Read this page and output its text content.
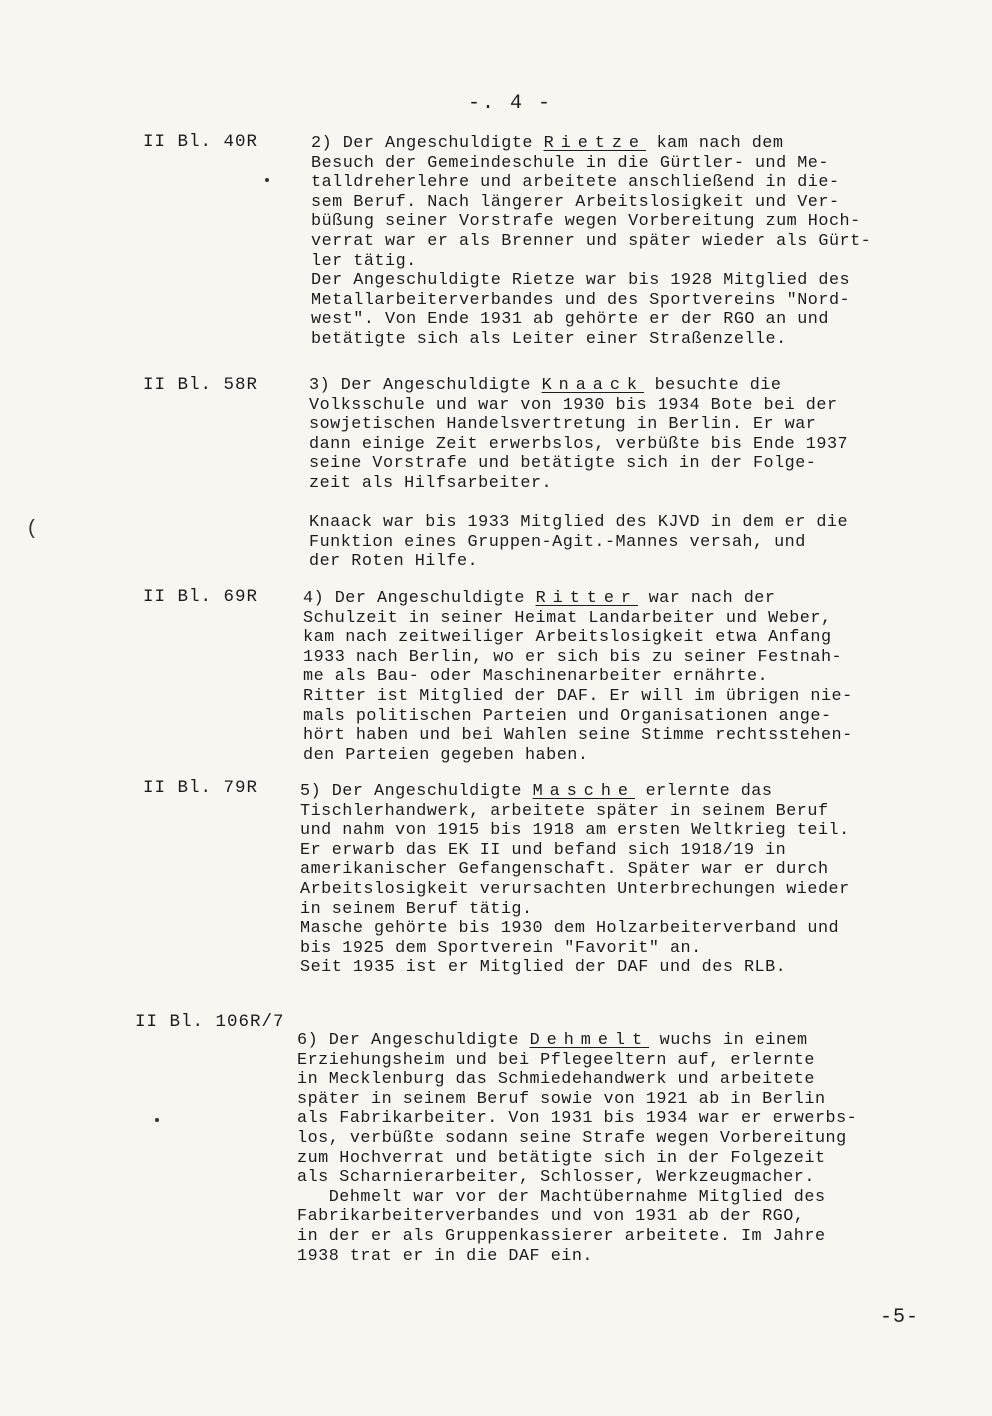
-. 4 -
II Bl. 40R	2) Der Angeschuldigte Rietze kam nach dem
Besuch der Gemeindeschule in die Gürtler- und Me-
talldreherlehre und arbeitete anschließend in die-
sem Beruf. Nach längerer Arbeitslosigkeit und Ver-
büßung seiner Vorstrafe wegen Vorbereitung zum Hoch-
verrat war er als Brenner und später wieder als Gürt-
ler tätig.
Der Angeschuldigte Rietze war bis 1928 Mitglied des
Metallarbeiterverbandes und des Sportvereins "Nord-
west". Von Ende 1931 ab gehörte er der RGO an und
betätigte sich als Leiter einer Straßenzelle.
II Bl. 58R	3) Der Angeschuldigte Knaack besuchte die
Volksschule und war von 1930 bis 1934 Bote bei der
sowjetischen Handelsvertretung in Berlin. Er war
dann einige Zeit erwerbslos, verbüßte bis Ende 1937
seine Vorstrafe und betätigte sich in der Folge-
zeit als Hilfsarbeiter.
Knaack war bis 1933 Mitglied des KJVD in dem er die
Funktion eines Gruppen-Agit.-Mannes versah, und
der Roten Hilfe.
II Bl. 69R	4) Der Angeschuldigte Ritter war nach der
Schulzeit in seiner Heimat Landarbeiter und Weber,
kam nach zeitweiliger Arbeitslosigkeit etwa Anfang
1933 nach Berlin, wo er sich bis zu seiner Festnah-
me als Bau- oder Maschinenarbeiter ernährte.
Ritter ist Mitglied der DAF. Er will im übrigen nie-
mals politischen Parteien und Organisationen ange-
hört haben und bei Wahlen seine Stimme rechtsstehen-
den Parteien gegeben haben.
II Bl. 79R 5) Der Angeschuldigte Masche erlernte das
Tischlerhandwerk, arbeitete später in seinem Beruf
und nahm von 1915 bis 1918 am ersten Weltkrieg teil.
Er erwarb das EK II und befand sich 1918/19 in
amerikanischer Gefangenschaft. Später war er durch
Arbeitslosigkeit verursachten Unterbrechungen wieder
in seinem Beruf tätig.
Masche gehörte bis 1930 dem Holzarbeiterverband und
bis 1925 dem Sportverein "Favorit" an.
Seit 1935 ist er Mitglied der DAF und des RLB.
II Bl. 106R/7
6) Der Angeschuldigte Dehmelt wuchs in einem
Erziehungsheim und bei Pflegeeltern auf, erlernte
in Mecklenburg das Schmiedehandwerk und arbeitete
später in seinem Beruf sowie von 1921 ab in Berlin
als Fabrikarbeiter. Von 1931 bis 1934 war er erwerbs-
los, verbüßte sodann seine Strafe wegen Vorbereitung
zum Hochverrat und betätigte sich in der Folgezeit
als Scharnierarbeiter, Schlosser, Werkzeugmacher.
Dehmelt war vor der Machtübernahme Mitglied des
Fabrikarbeiterverbandes und von 1931 ab der RGO,
in der er als Gruppenkassierer arbeitete. Im Jahre
1938 trat er in die DAF ein.
-5-
(
